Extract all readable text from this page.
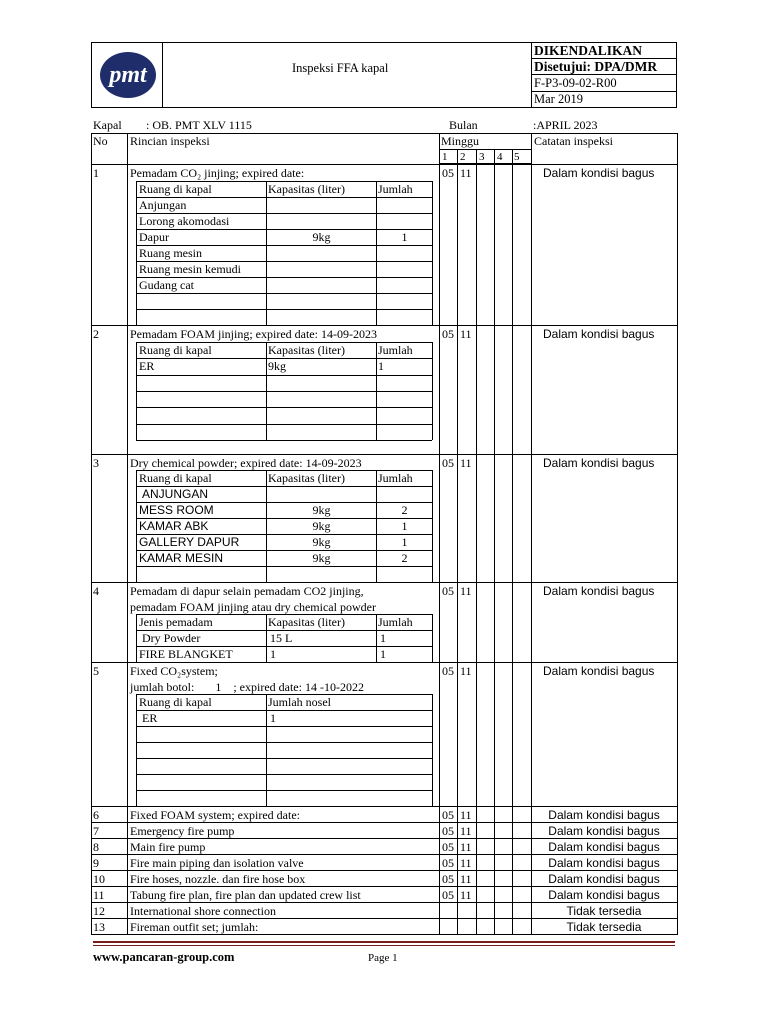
pmt	Inspeksi FFA kapal
DIKENDALIKAN
Disetujui: DPA/DMR
F-P3-09-02-R00
Mar 2019
Kapal : OB. PMT XLV 1115	Bulan	:APRIL 2023
No Rincian inspeksi	Minggu	Catatan inspeksi
1 2 3 4 5
1	Pemadam CO₂ jinjing; expired date:	05 11	Dalam kondisi bagus
Ruang di kapal	Kapasitas (liter)	Jumlah
Anjungan
Lorong akomodasi
Dapur	9kg	1
Ruang mesin
Ruang mesin kemudi
Gudang cat
2	Pemadam FOAM jinjing; expired date: 14-09-2023	05 11	Dalam kondisi bagus
Ruang di kapal	Kapasitas (liter)	Jumlah
ER	9kg	1
3	Dry chemical powder; expired date: 14-09-2023	05 11	Dalam kondisi bagus
Ruang di kapal	Kapasitas (liter)	Jumlah
ANJUNGAN
MESS ROOM	9kg	2
KAMAR ABK	9kg	1
GALLERY DAPUR	9kg	1
KAMAR MESIN	9kg	2
4	Pemadam di dapur selain pemadam CO2 jinjing,
pemadam FOAM jinjing atau dry chemical powder
05 11	Dalam kondisi bagus
Jenis pemadam	Kapasitas (liter)	Jumlah
Dry Powder	15 L	1
FIRE BLANGKET	1	1
5	Fixed CO₂system;
jumlah botol:       1    ; expired date: 14 -10-2022
05 11	Dalam kondisi bagus
Ruang di kapal	Jumlah nosel
ER	1
6	Fixed FOAM system; expired date:	05 11	Dalam kondisi bagus
7	Emergency fire pump	05 11	Dalam kondisi bagus
8	Main fire pump	05 11	Dalam kondisi bagus
9	Fire main piping dan isolation valve	05 11	Dalam kondisi bagus
10 Fire hoses, nozzle. dan fire hose box	05 11	Dalam kondisi bagus
11 Tabung fire plan, fire plan dan updated crew list	05 11	Dalam kondisi bagus
12 International shore connection	Tidak tersedia
13 Fireman outfit set; jumlah:	Tidak tersedia
www.pancaran-group.com	Page 1
